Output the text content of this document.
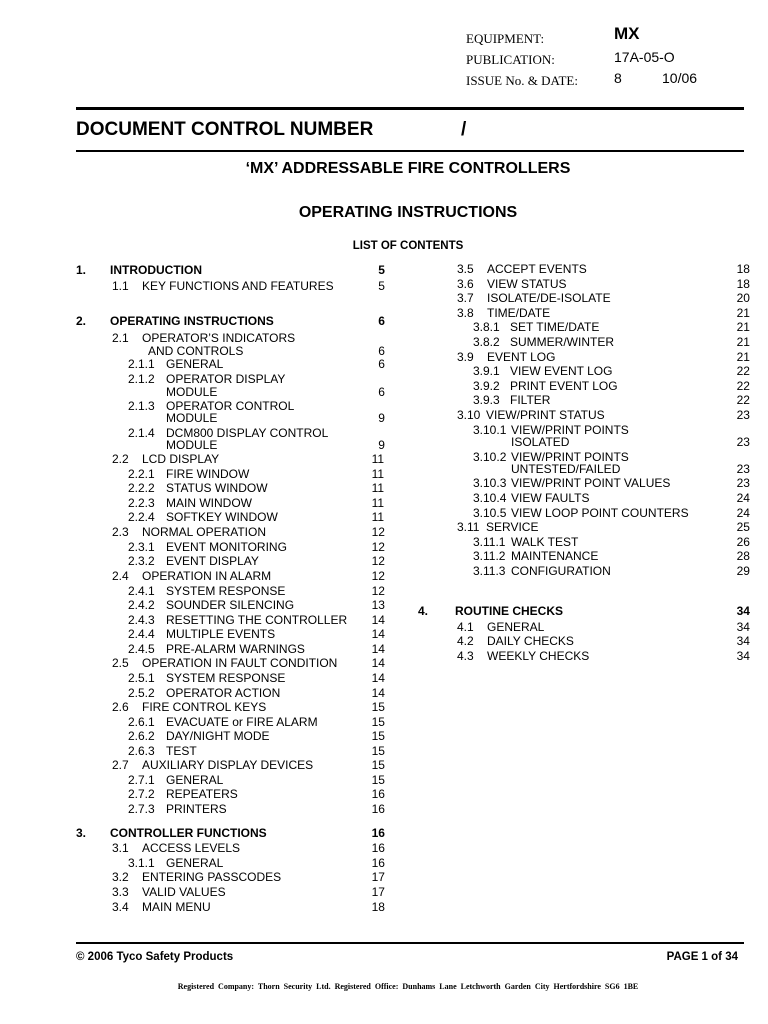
EQUIPMENT:	MX
PUBLICATION:	17A-05-O
ISSUE No. & DATE:	8	10/06
DOCUMENT CONTROL NUMBER	/
‘MX’ ADDRESSABLE FIRE CONTROLLERS
OPERATING INSTRUCTIONS
LIST OF CONTENTS
1. INTRODUCTION	5
1.1 KEY FUNCTIONS AND FEATURES	5
2. OPERATING INSTRUCTIONS	6
2.1 OPERATOR’S INDICATORS
AND CONTROLS	6
2.1.1 GENERAL	6
2.1.2 OPERATOR DISPLAY
MODULE	6
2.1.3 OPERATOR CONTROL
MODULE	9
2.1.4 DCM800 DISPLAY CONTROL
MODULE	9
2.2 LCD DISPLAY	11
2.2.1 FIRE WINDOW	11
2.2.2 STATUS WINDOW	11
2.2.3 MAIN WINDOW	11
2.2.4 SOFTKEY WINDOW	11
2.3 NORMAL OPERATION	12
2.3.1 EVENT MONITORING	12
2.3.2 EVENT DISPLAY	12
2.4 OPERATION IN ALARM	12
2.4.1 SYSTEM RESPONSE	12
2.4.2 SOUNDER SILENCING	13
2.4.3 RESETTING THE CONTROLLER 14
2.4.4 MULTIPLE EVENTS	14
2.4.5 PRE-ALARM WARNINGS	14
2.5 OPERATION IN FAULT CONDITION	14
2.5.1 SYSTEM RESPONSE	14
2.5.2 OPERATOR ACTION	14
2.6 FIRE CONTROL KEYS	15
2.6.1 EVACUATE or FIRE ALARM	15
2.6.2 DAY/NIGHT MODE	15
2.6.3 TEST	15
2.7 AUXILIARY DISPLAY DEVICES	15
2.7.1 GENERAL	15
2.7.2 REPEATERS	16
2.7.3 PRINTERS	16
3. CONTROLLER FUNCTIONS	16
3.1 ACCESS LEVELS	16
3.1.1 GENERAL	16
3.2 ENTERING PASSCODES	17
3.3 VALID VALUES	17
3.4 MAIN MENU	18
3.5 ACCEPT EVENTS	18
3.6 VIEW STATUS	18
3.7 ISOLATE/DE-ISOLATE	20
3.8 TIME/DATE	21
3.8.1 SET TIME/DATE	21
3.8.2 SUMMER/WINTER	21
3.9 EVENT LOG	21
3.9.1 VIEW EVENT LOG	22
3.9.2 PRINT EVENT LOG	22
3.9.3 FILTER	22
3.10 VIEW/PRINT STATUS	23
3.10.1 VIEW/PRINT POINTS
ISOLATED	23
3.10.2 VIEW/PRINT POINTS
UNTESTED/FAILED	23
3.10.3 VIEW/PRINT POINT VALUES	23
3.10.4 VIEW FAULTS	24
3.10.5 VIEW LOOP POINT COUNTERS	24
3.11 SERVICE	25
3.11.1 WALK TEST	26
3.11.2 MAINTENANCE	28
3.11.3 CONFIGURATION	29
4. ROUTINE CHECKS	34
4.1 GENERAL	34
4.2 DAILY CHECKS	34
4.3 WEEKLY CHECKS	34
© 2006 Tyco Safety Products	PAGE 1 of 34
Registered Company: Thorn Security Ltd. Registered Office: Dunhams Lane Letchworth Garden City Hertfordshire SG6 1BE
